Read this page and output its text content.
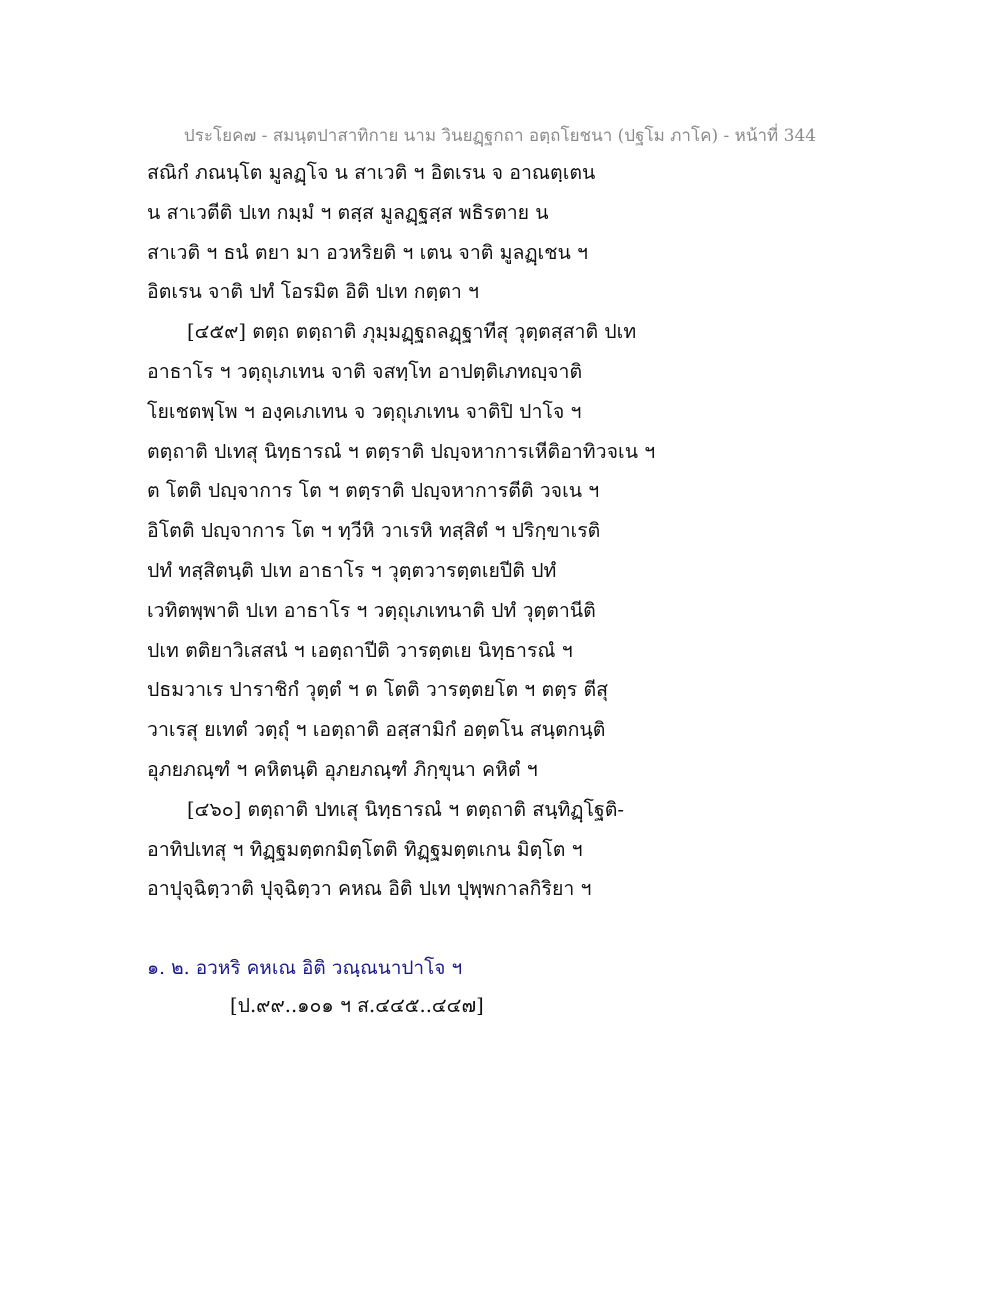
ประโยค๗ - สมนฺตปาสาทิกาย นาม วินยฏฺฐกถา อตฺถโยชนา (ปฐโม ภาโค) - หน้าที่ 344
สณิกํ ภณนฺโต มูลฏฺโจ น สาเวติ ฯ อิตเรน จ อาณตฺเตน
น สาเวตีติ ปเท กมฺมํ ฯ ตสฺส มูลฏฺฐสฺส พธิรตาย น
สาเวติ ฯ ธนํ ตยา มา อวหริยติ ฯ เตน จาติ มูลฏฺเชน ฯ
อิตเรน จาติ ปทํ โอรมิต อิติ ปเท กตฺตา ฯ
[๔๕๙] ตตฺถ ตตฺถาติ ภุมฺมฏฺฐถลฏฺฐาทีสุ วุตฺตสฺสาติ ปเท
อาธาโร ฯ วตฺถุเภเทน จาติ จสทฺโท อาปตฺติเภทญฺจาติ
โยเชตพฺโพ ฯ องฺคเภเทน จ วตฺถุเภเทน จาติปิ ปาโจ ฯ
ตตฺถาติ ปเทสุ นิทฺธารณํ ฯ ตตฺราติ ปญฺจหาการเหีติอาทิวจเน ฯ
ต โตติ ปญฺจาการ โต ฯ ตตฺราติ ปญฺจหาการตีติ วจเน ฯ
อิโตติ ปญฺจาการ โต ฯ ทฺวีหิ วาเรหิ ทสฺสิตํ ฯ ปริกฺขาเรติ
ปทํ ทสฺสิตนฺติ ปเท อาธาโร ฯ วุตฺตวารตฺตเยปีติ ปทํ
เวทิตพฺพาติ ปเท อาธาโร ฯ วตฺถุเภเทนาติ ปทํ วุตฺตานีติ
ปเท ตติยาวิเสสนํ ฯ เอตฺถาปีติ วารตฺตเย นิทฺธารณํ ฯ
ปธมวาเร ปาราชิกํ วุตฺตํ ฯ ต โตติ วารตฺตยโต ฯ ตตฺร ตีสุ
วาเรสุ ยเทตํ วตฺถุํ ฯ เอตฺถาติ อสฺสามิกํ อตฺตโน สนฺตกนฺติ
อุภยภณฺฑํ ฯ คหิตนฺติ อุภยภณฺฑํ ภิกฺขุนา คหิตํ ฯ
[๔๖๐] ตตฺถาติ ปทเสุ นิทฺธารณํ ฯ ตตฺถาติ สนฺทิฏฺโฐติ-
อาทิปเทสุ ฯ ทิฏฺฐมตฺตกมิตฺโตติ ทิฏฺฐมตฺตเกน มิตฺโต ฯ
อาปุจฺฉิตฺวาติ ปุจฺฉิตฺวา คหณ อิติ ปเท ปุพฺพกาลกิริยา ฯ
๑. ๒. อวหริ คหเณ อิติ วณฺณนาปาโจ ฯ
[ป.๙๙..๑๐๑ ฯ ส.๔๔๕..๔๔๗]
